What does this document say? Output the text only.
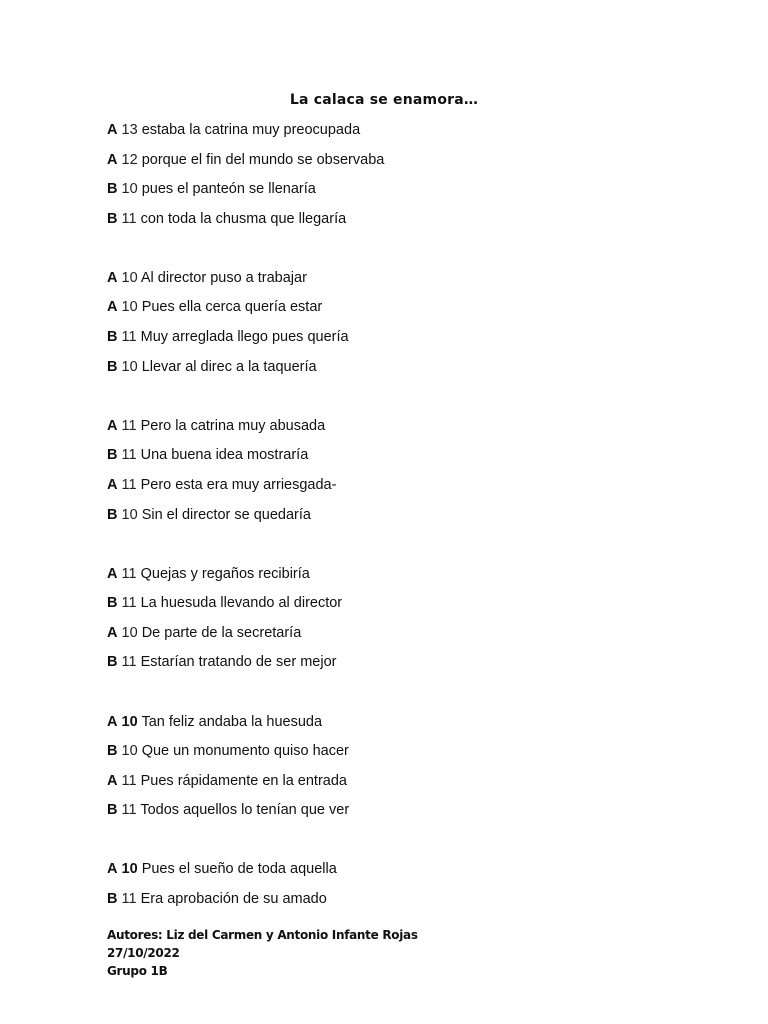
La calaca se enamora…
A 13 estaba la catrina muy preocupada
A 12 porque el fin del mundo se observaba
B 10 pues el panteón se llenaría
B 11 con toda la chusma que llegaría
A 10 Al director puso a trabajar
A 10 Pues ella cerca quería estar
B 11 Muy arreglada llego pues quería
B 10 Llevar al direc a la taquería
A 11 Pero la catrina muy abusada
B 11 Una buena idea mostraría
A 11 Pero esta era muy arriesgada-
B 10 Sin el director se quedaría
A 11 Quejas y regaños recibiría
B 11 La huesuda llevando al director
A 10 De parte de la secretaría
B 11 Estarían tratando de ser mejor
A 10 Tan feliz andaba la huesuda
B 10 Que un monumento quiso hacer
A 11 Pues rápidamente en la entrada
B 11 Todos aquellos lo tenían que ver
A 10 Pues el sueño de toda aquella
B 11 Era aprobación de su amado
Autores: Liz del Carmen y Antonio Infante Rojas
27/10/2022
Grupo 1B
